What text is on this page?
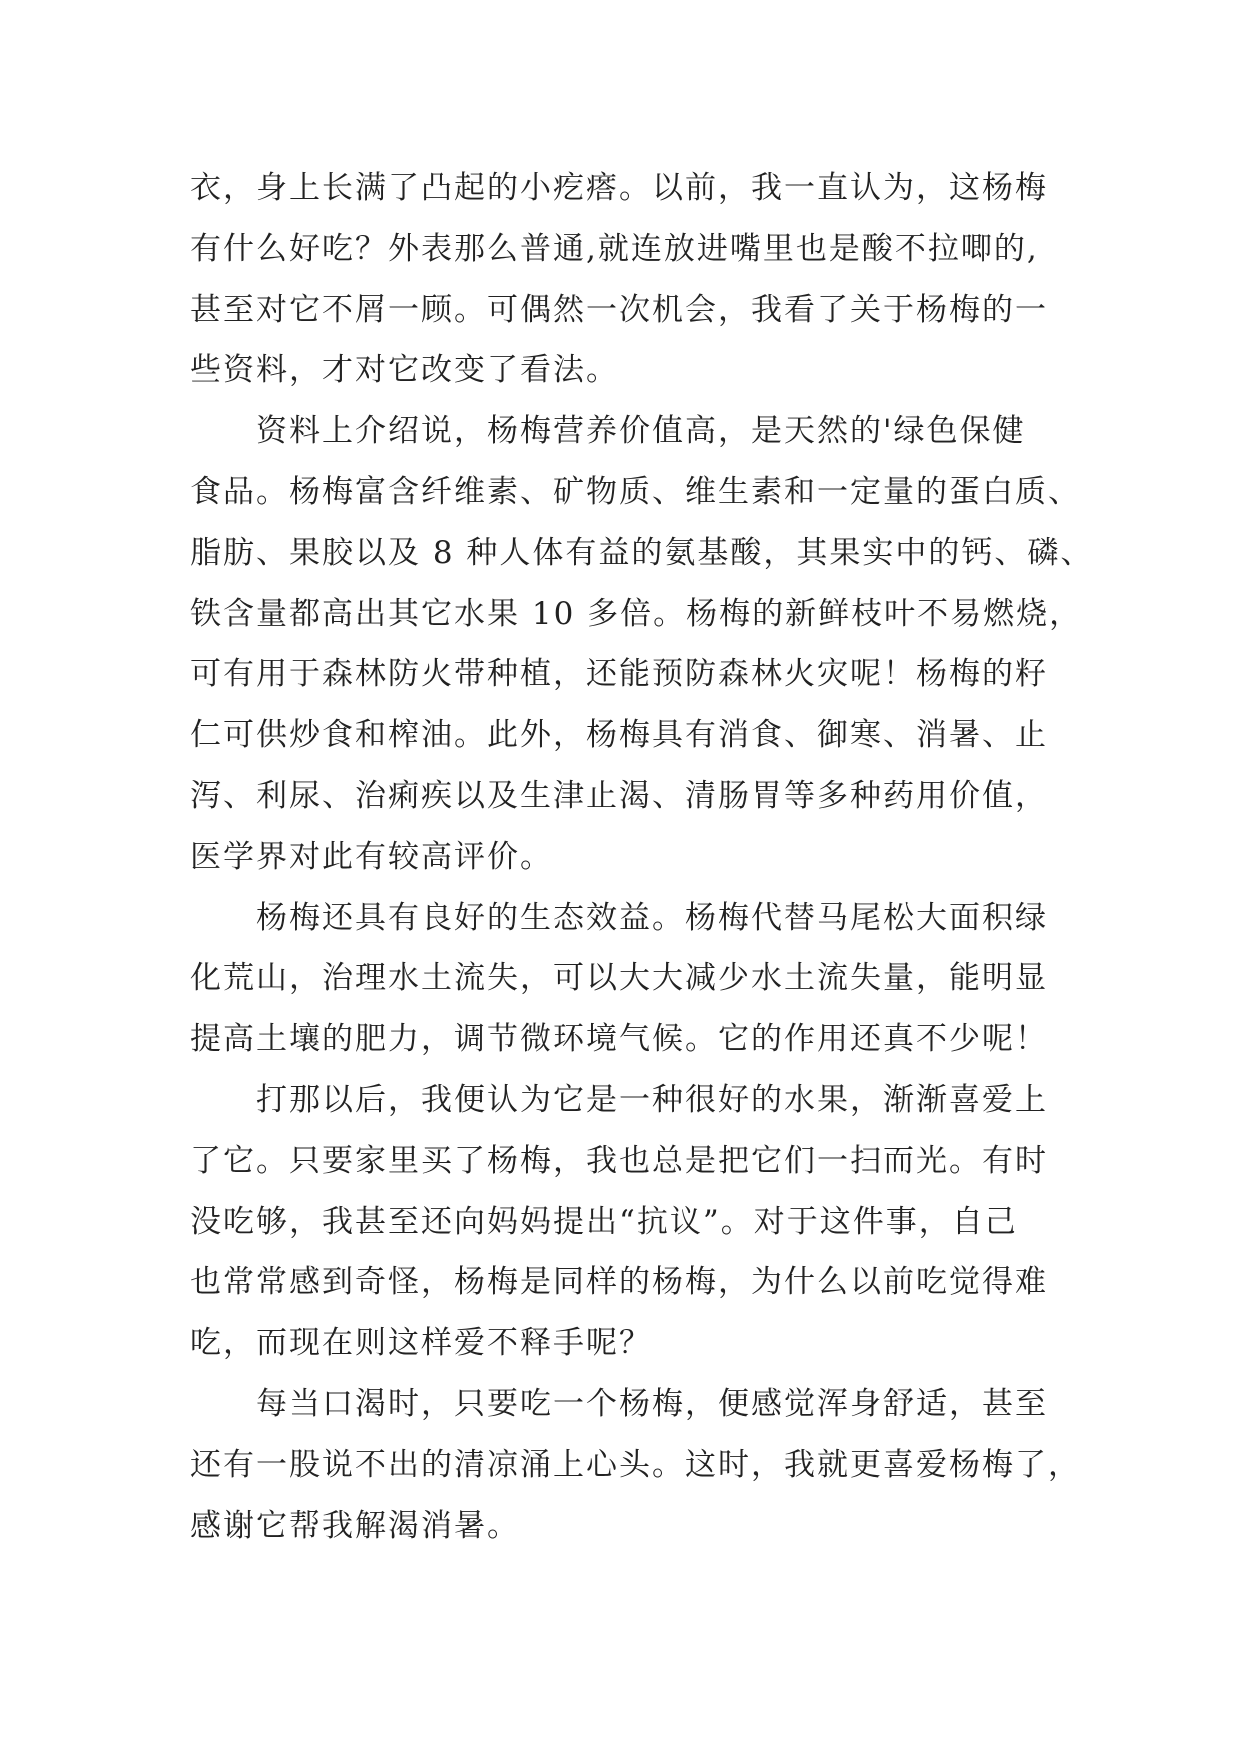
衣，身上长满了凸起的小疙瘩。以前，我一直认为，这杨梅
有什么好吃？外表那么普通,就连放进嘴里也是酸不拉唧的,
甚至对它不屑一顾。可偶然一次机会，我看了关于杨梅的一
些资料，才对它改变了看法。
资料上介绍说，杨梅营养价值高，是天然的'绿色保健
食品。杨梅富含纤维素、矿物质、维生素和一定量的蛋白质、
脂肪、果胶以及 8 种人体有益的氨基酸，其果实中的钙、磷、
铁含量都高出其它水果 10 多倍。杨梅的新鲜枝叶不易燃烧，
可有用于森林防火带种植，还能预防森林火灾呢！杨梅的籽
仁可供炒食和榨油。此外，杨梅具有消食、御寒、消暑、止
泻、利尿、治痢疾以及生津止渴、清肠胃等多种药用价值，
医学界对此有较高评价。
杨梅还具有良好的生态效益。杨梅代替马尾松大面积绿
化荒山，治理水土流失，可以大大减少水土流失量，能明显
提高土壤的肥力，调节微环境气候。它的作用还真不少呢！
打那以后，我便认为它是一种很好的水果，渐渐喜爱上
了它。只要家里买了杨梅，我也总是把它们一扫而光。有时
没吃够，我甚至还向妈妈提出“抗议”。对于这件事，自己
也常常感到奇怪，杨梅是同样的杨梅，为什么以前吃觉得难
吃，而现在则这样爱不释手呢？
每当口渴时，只要吃一个杨梅，便感觉浑身舒适，甚至
还有一股说不出的清凉涌上心头。这时，我就更喜爱杨梅了，
感谢它帮我解渴消暑。
